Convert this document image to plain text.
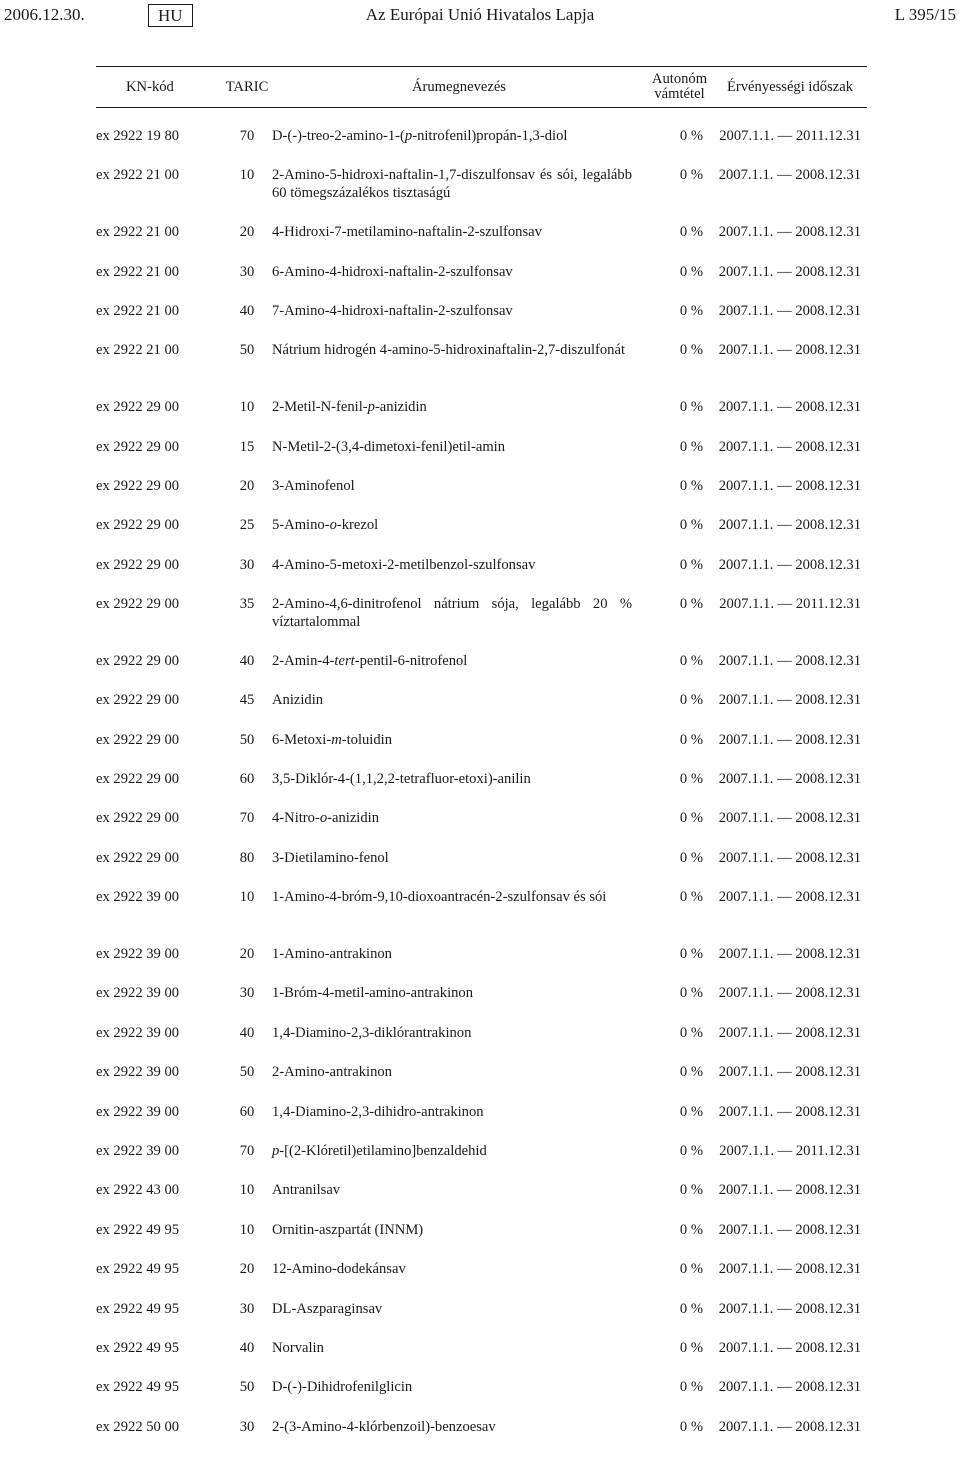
2006.12.30.	HU	Az Európai Unió Hivatalos Lapja	L 395/15
KN-kód	TARIC	Árumegnevezés	Autonóm vámtétel	Érvényességi időszak
ex 2922 19 80	70	D-(-)-treo-2-amino-1-(p-nitrofenil)propán-1,3-diol	0 %	2007.1.1. — 2011.12.31
ex 2922 21 00	10	2-Amino-5-hidroxi-naftalin-1,7-diszulfonsav és sói, legalább 60 tömegszázalékos tisztaságú	0 %	2007.1.1. — 2008.12.31
ex 2922 21 00	20	4-Hidroxi-7-metilamino-naftalin-2-szulfonsav	0 %	2007.1.1. — 2008.12.31
ex 2922 21 00	30	6-Amino-4-hidroxi-naftalin-2-szulfonsav	0 %	2007.1.1. — 2008.12.31
ex 2922 21 00	40	7-Amino-4-hidroxi-naftalin-2-szulfonsav	0 %	2007.1.1. — 2008.12.31
ex 2922 21 00	50	Nátrium hidrogén 4-amino-5-hidroxinaftalin-2,7-diszulfonát	0 %	2007.1.1. — 2008.12.31
ex 2922 29 00	10	2-Metil-N-fenil-p-anizidin	0 %	2007.1.1. — 2008.12.31
ex 2922 29 00	15	N-Metil-2-(3,4-dimetoxi-fenil)etil-amin	0 %	2007.1.1. — 2008.12.31
ex 2922 29 00	20	3-Aminofenol	0 %	2007.1.1. — 2008.12.31
ex 2922 29 00	25	5-Amino-o-krezol	0 %	2007.1.1. — 2008.12.31
ex 2922 29 00	30	4-Amino-5-metoxi-2-metilbenzol-szulfonsav	0 %	2007.1.1. — 2008.12.31
ex 2922 29 00	35	2-Amino-4,6-dinitrofenol nátrium sója, legalább 20 % víztartalommal	0 %	2007.1.1. — 2011.12.31
ex 2922 29 00	40	2-Amin-4-tert-pentil-6-nitrofenol	0 %	2007.1.1. — 2008.12.31
ex 2922 29 00	45	Anizidin	0 %	2007.1.1. — 2008.12.31
ex 2922 29 00	50	6-Metoxi-m-toluidin	0 %	2007.1.1. — 2008.12.31
ex 2922 29 00	60	3,5-Diklór-4-(1,1,2,2-tetrafluor-etoxi)-anilin	0 %	2007.1.1. — 2008.12.31
ex 2922 29 00	70	4-Nitro-o-anizidin	0 %	2007.1.1. — 2008.12.31
ex 2922 29 00	80	3-Dietilamino-fenol	0 %	2007.1.1. — 2008.12.31
ex 2922 39 00	10	1-Amino-4-bróm-9,10-dioxoantracén-2-szulfonsav és sói	0 %	2007.1.1. — 2008.12.31
ex 2922 39 00	20	1-Amino-antrakinon	0 %	2007.1.1. — 2008.12.31
ex 2922 39 00	30	1-Bróm-4-metil-amino-antrakinon	0 %	2007.1.1. — 2008.12.31
ex 2922 39 00	40	1,4-Diamino-2,3-diklórantrakinon	0 %	2007.1.1. — 2008.12.31
ex 2922 39 00	50	2-Amino-antrakinon	0 %	2007.1.1. — 2008.12.31
ex 2922 39 00	60	1,4-Diamino-2,3-dihidro-antrakinon	0 %	2007.1.1. — 2008.12.31
ex 2922 39 00	70	p-[(2-Klóretil)etilamino]benzaldehid	0 %	2007.1.1. — 2011.12.31
ex 2922 43 00	10	Antranilsav	0 %	2007.1.1. — 2008.12.31
ex 2922 49 95	10	Ornitin-aszpartát (INNM)	0 %	2007.1.1. — 2008.12.31
ex 2922 49 95	20	12-Amino-dodekánsav	0 %	2007.1.1. — 2008.12.31
ex 2922 49 95	30	DL-Aszparaginsav	0 %	2007.1.1. — 2008.12.31
ex 2922 49 95	40	Norvalin	0 %	2007.1.1. — 2008.12.31
ex 2922 49 95	50	D-(-)-Dihidrofenilglicin	0 %	2007.1.1. — 2008.12.31
ex 2922 50 00	30	2-(3-Amino-4-klórbenzoil)-benzoesav	0 %	2007.1.1. — 2008.12.31
